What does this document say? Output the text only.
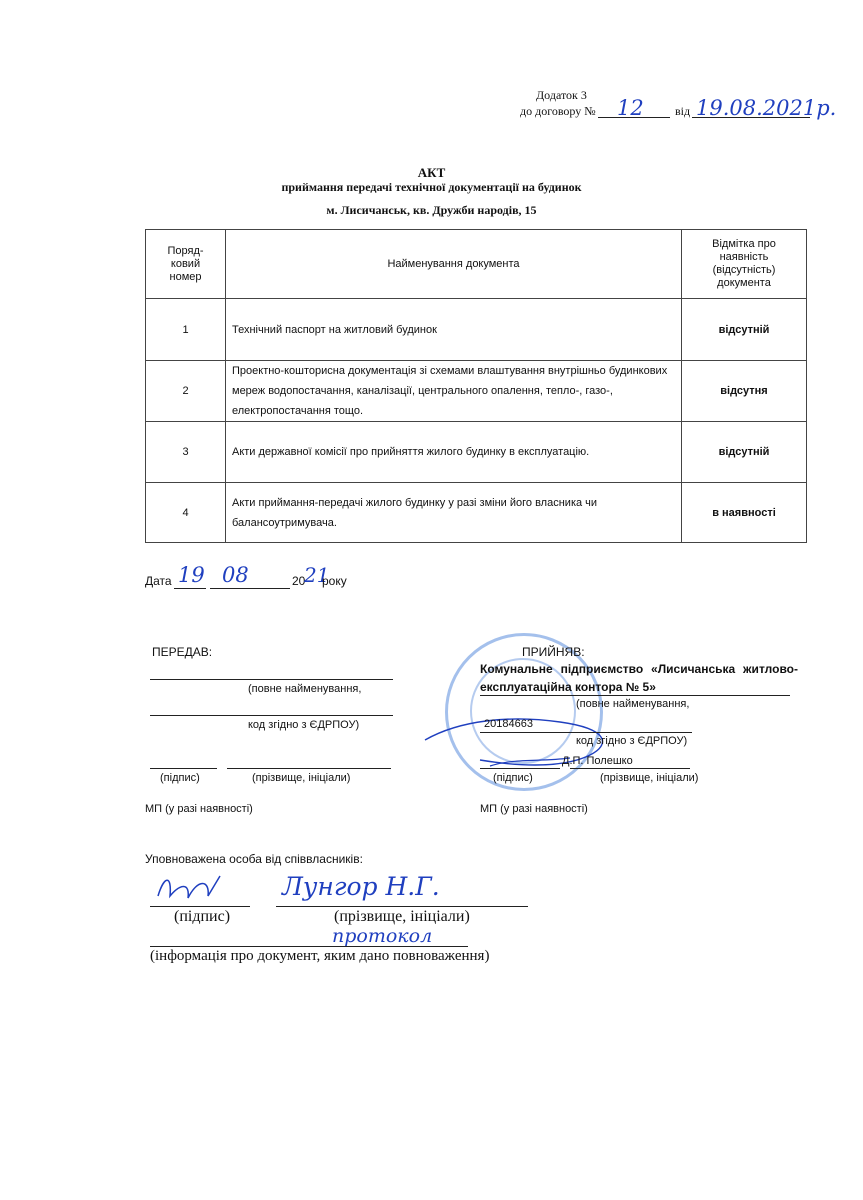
Додаток 3
до договору № 12	від 19.08.2021р.
АКТ
приймання передачі технічної документації на будинок
м. Лисичанськ, кв. Дружби народів, 15
Поряд-
ковий
номер	Найменування документа	Відмітка про
наявність
(відсутність)
документа
1	Технічний паспорт на житловий будинок	відсутній
2	Проектно-кошторисна документація зі схемами влаштування внутрішньо будинкових мереж водопостачання, каналізації, центрального опалення, тепло-, газо-, електропостачання тощо.	відсутня
3	Акти державної комісії про прийняття жилого будинку в експлуатацію.	відсутній
4	Акти приймання-передачі жилого будинку у разі зміни його власника чи балансоутримувача.	в наявності
Дата 19 08	20
21
року
ПЕРЕДАВ:
(повне найменування,
код згідно з ЄДРПОУ)
(підпис)	(прізвище, ініціали)
МП (у разі наявності)
ПРИЙНЯВ:
Комунальне підприємство «Лисичанська житлово-
експлуатаційна контора № 5»
(повне найменування,
20184663
код згідно з ЄДРПОУ)
Д.П. Полешко
(підпис)	(прізвище, ініціали)
МП (у разі наявності)
Уповноважена особа від співвласників:
Лунгор Н.Г.
(підпис)	(прізвище, ініціали)
протокол
(інформація про документ, яким дано повноваження)
